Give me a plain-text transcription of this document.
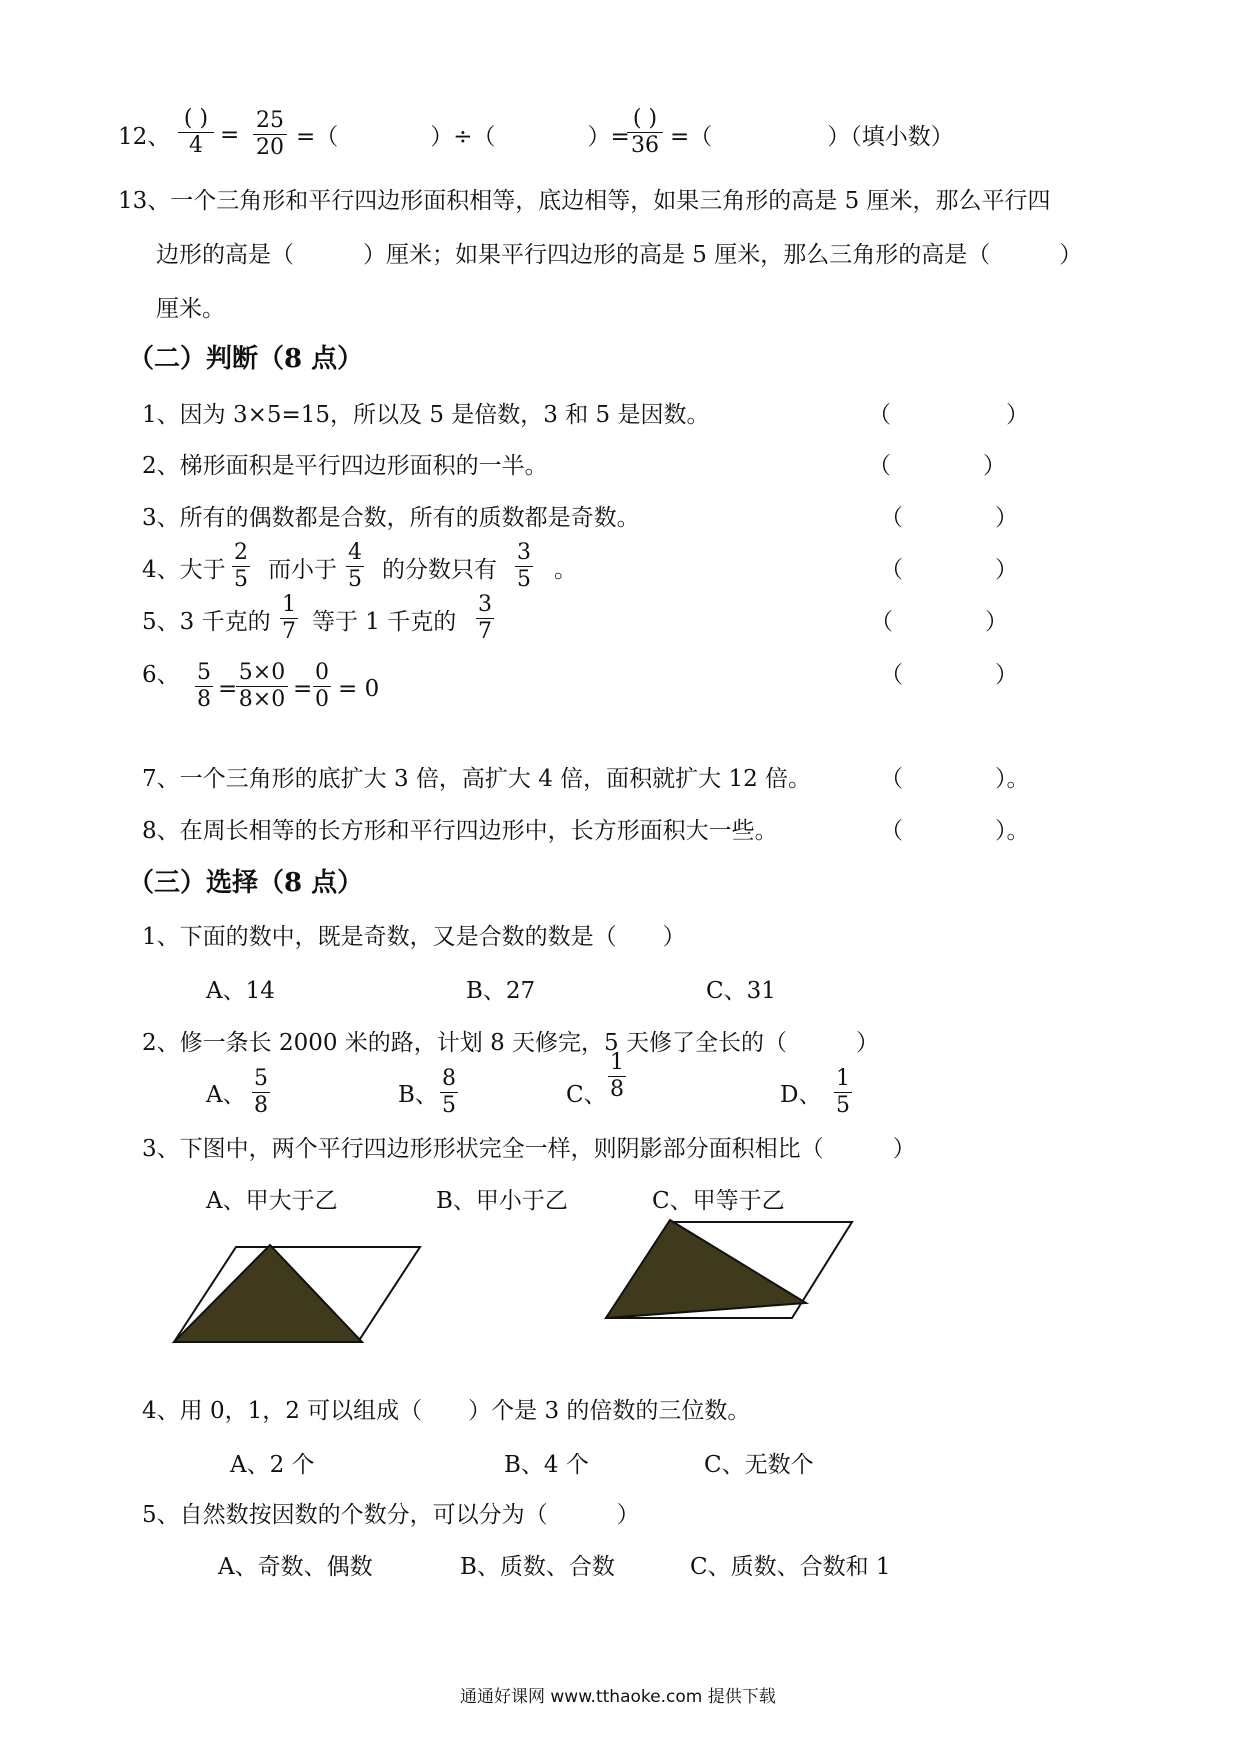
12、
( )
4 =
25
20 =（　　　　）÷（　　　　）=
( )
36 =（　　　　　）（填小数）
13、一个三角形和平行四边形面积相等，底边相等，如果三角形的高是 5 厘米，那么平行四
边形的高是（　　　）厘米；如果平行四边形的高是 5 厘米，那么三角形的高是（　　　）
厘米。
（二）判断（8 点）
1、因为 3×5=15，所以及 5 是倍数，3 和 5 是因数。	（　　　　　）
2、梯形面积是平行四边形面积的一半。	（　　　　）
3、所有的偶数都是合数，所有的质数都是奇数。	（　　　　）
4、大于
2
5 而小于
4
5 的分数只有
3
5 。	（　　　　）
5、3 千克的
1
7 等于 1 千克的
3
7	（　　　　）
6、 5
8 =
5×0
8×0 =
0
0 = 0
（　　　　）
7、一个三角形的底扩大 3 倍，高扩大 4 倍，面积就扩大 12 倍。	（　　　　）。
8、在周长相等的长方形和平行四边形中，长方形面积大一些。	（　　　　）。
（三）选择（8 点）
1、下面的数中，既是奇数，又是合数的数是（　　）
A、14	B、27	C、31
2、修一条长 2000 米的路，计划 8 天修完，5 天修了全长的（　　　）
A、
5
8	B、
8
5	C、
1
8	D、
1
5
3、下图中，两个平行四边形形状完全一样，则阴影部分面积相比（　　　）
A、甲大于乙	B、甲小于乙	C、甲等于乙
4、用 0，1，2 可以组成（　　）个是 3 的倍数的三位数。
A、2 个	B、4 个	C、无数个
5、自然数按因数的个数分，可以分为（　　　）
A、奇数、偶数	B、质数、合数	C、质数、合数和 1
通通好课网 www.tthaoke.com 提供下载
